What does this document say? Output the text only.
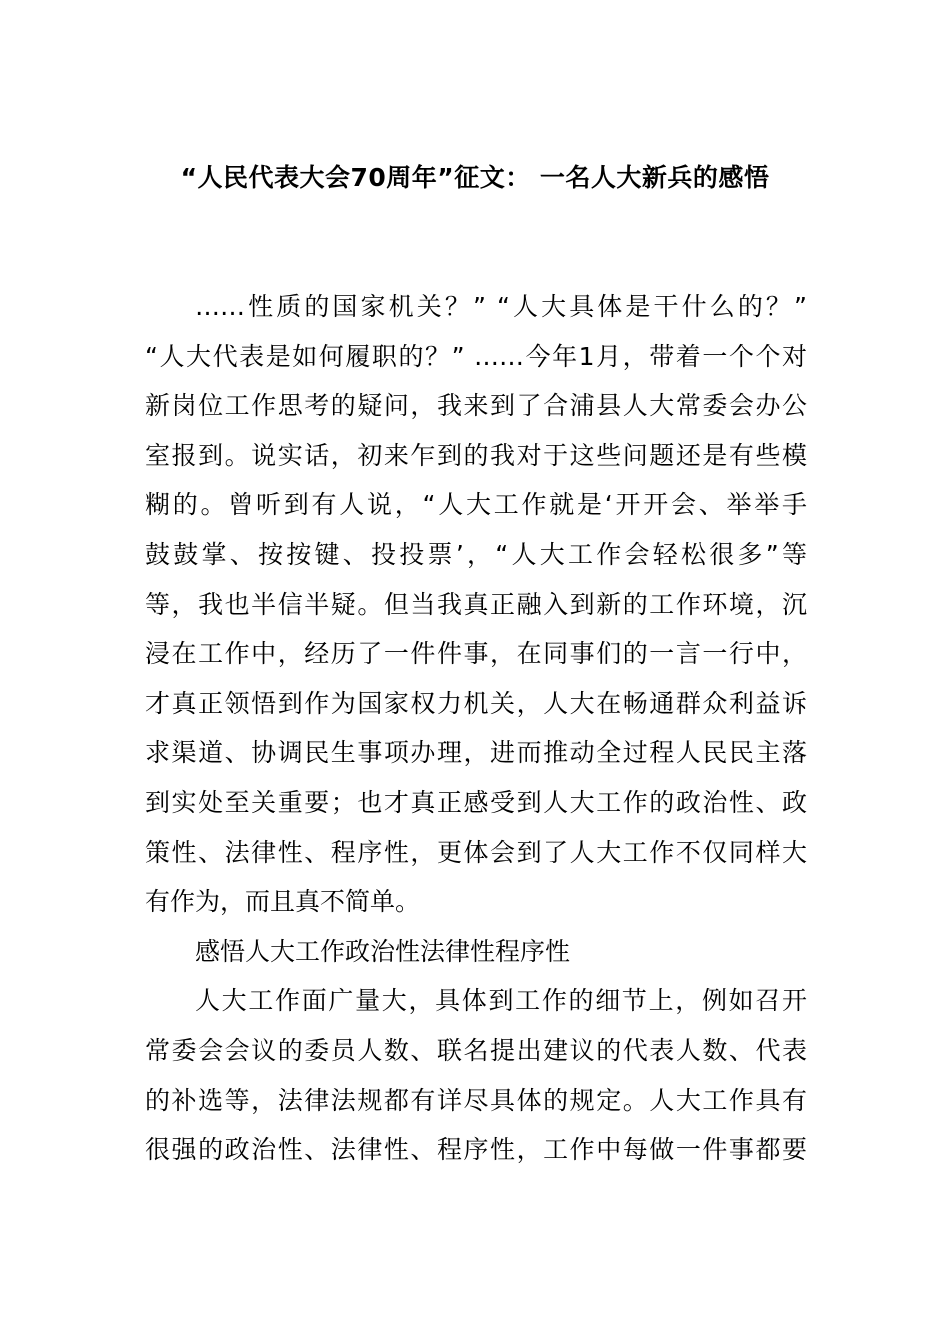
“人民代表大会70周年”征文： 一名人大新兵的感悟
……性质的国家机关？” “人大具体是干什么的？”
“人大代表是如何履职的？” ……今年1月，带着一个个对
新岗位工作思考的疑问，我来到了合浦县人大常委会办公
室报到。说实话，初来乍到的我对于这些问题还是有些模
糊的。曾听到有人说，“人大工作就是‘开开会、举举手
鼓鼓掌、按按键、投投票’，“人大工作会轻松很多”等
等，我也半信半疑。但当我真正融入到新的工作环境，沉
浸在工作中，经历了一件件事，在同事们的一言一行中，
才真正领悟到作为国家权力机关，人大在畅通群众利益诉
求渠道、协调民生事项办理，进而推动全过程人民民主落
到实处至关重要；也才真正感受到人大工作的政治性、政
策性、法律性、程序性，更体会到了人大工作不仅同样大
有作为，而且真不简单。
感悟人大工作政治性法律性程序性
人大工作面广量大，具体到工作的细节上，例如召开
常委会会议的委员人数、联名提出建议的代表人数、代表
的补选等，法律法规都有详尽具体的规定。人大工作具有
很强的政治性、法律性、程序性，工作中每做一件事都要
